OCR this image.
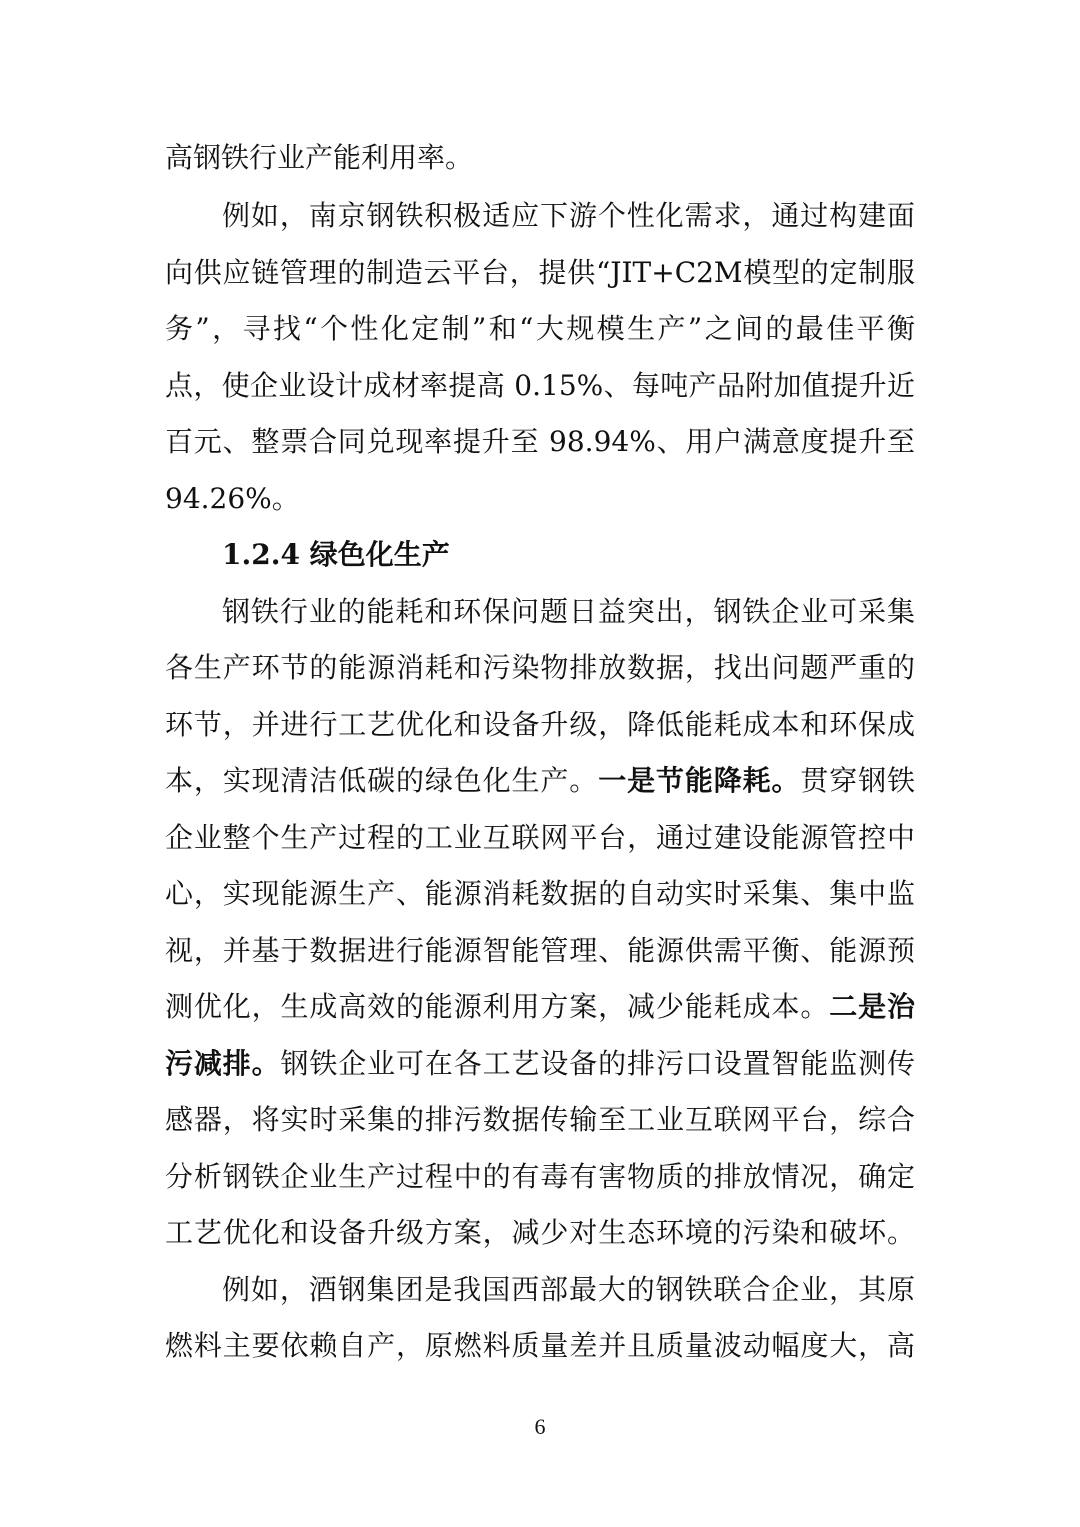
高钢铁行业产能利用率。
例如，南京钢铁积极适应下游个性化需求，通过构建面
向供应链管理的制造云平台，提供“JIT+C2M模型的定制服
务”，寻找“个性化定制”和“大规模生产”之间的最佳平衡
点，使企业设计成材率提高 0.15%、每吨产品附加值提升近
百元、整票合同兑现率提升至 98.94%、用户满意度提升至
94.26%。
1.2.4 绿色化生产
钢铁行业的能耗和环保问题日益突出，钢铁企业可采集
各生产环节的能源消耗和污染物排放数据，找出问题严重的
环节，并进行工艺优化和设备升级，降低能耗成本和环保成
本，实现清洁低碳的绿色化生产。一是节能降耗。贯穿钢铁
企业整个生产过程的工业互联网平台，通过建设能源管控中
心，实现能源生产、能源消耗数据的自动实时采集、集中监
视，并基于数据进行能源智能管理、能源供需平衡、能源预
测优化，生成高效的能源利用方案，减少能耗成本。二是治
污减排。钢铁企业可在各工艺设备的排污口设置智能监测传
感器，将实时采集的排污数据传输至工业互联网平台，综合
分析钢铁企业生产过程中的有毒有害物质的排放情况，确定
工艺优化和设备升级方案，减少对生态环境的污染和破坏。
例如，酒钢集团是我国西部最大的钢铁联合企业，其原
燃料主要依赖自产，原燃料质量差并且质量波动幅度大，高
6
